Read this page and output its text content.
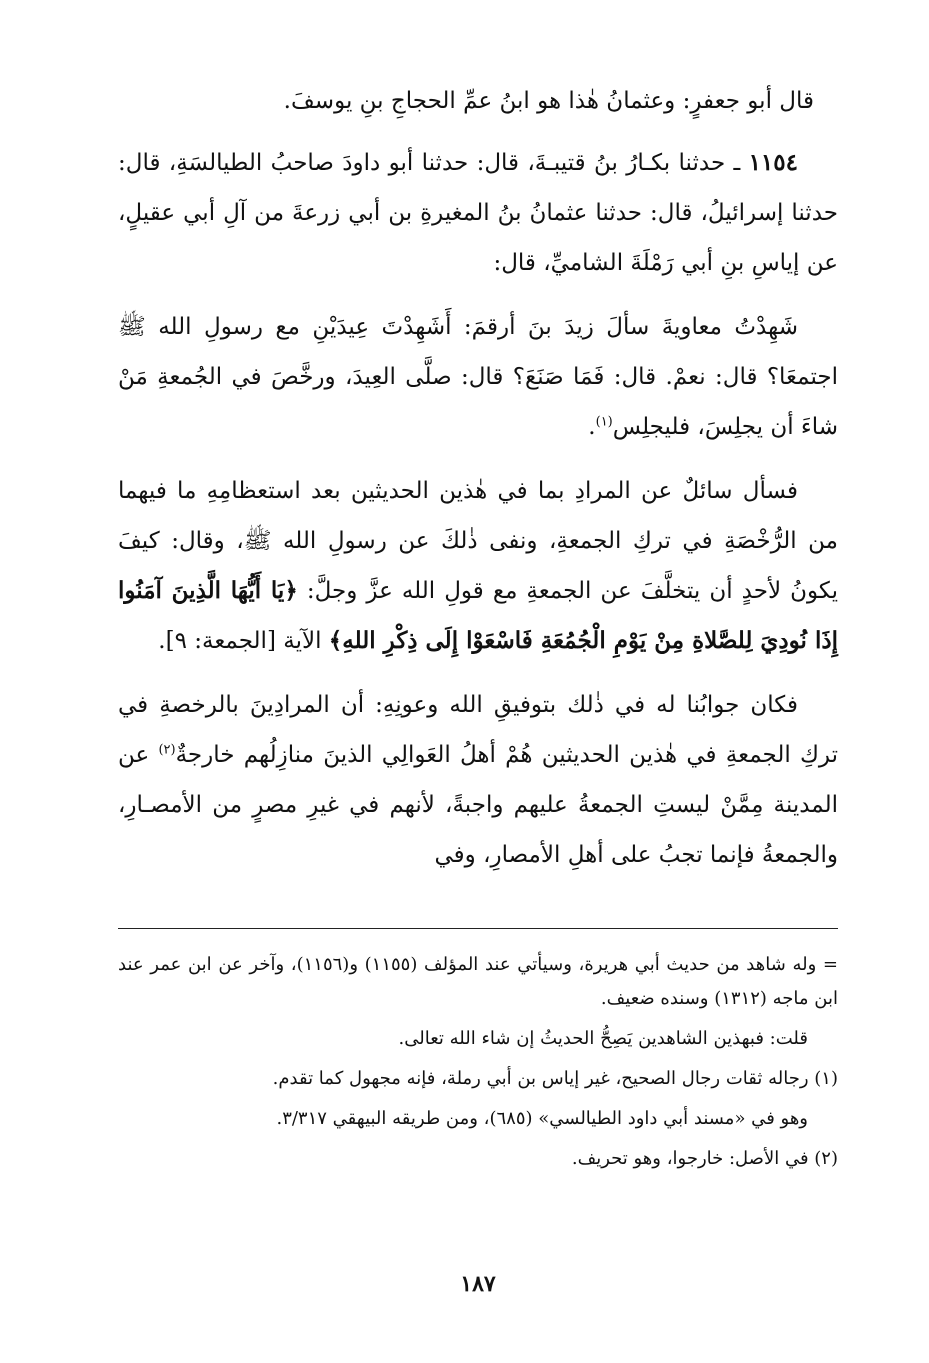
قال أبو جعفرٍ: وعثمانُ هٰذا هو ابنُ عمِّ الحجاجِ بنِ يوسفَ.

١١٥٤ ـ حدثنا بكـارُ بنُ قتيبـةَ، قال: حدثنا أبو داودَ صاحبُ الطيالسَةِ، قال: حدثنا إسرائيلُ، قال: حدثنا عثمانُ بنُ المغيرةِ بن أبي زرعةَ من آلِ أبي عقيلٍ، عن إياسِ بنِ أبي رَمْلَةَ الشاميِّ، قال:

شَهِدْتُ معاويةَ سألَ زيدَ بنَ أرقمَ: أَشَهِدْتَ عِيدَيْنِ مع رسولِ الله ﷺ اجتمعَا؟ قال: نعمْ. قال: فَمَا صَنَعَ؟ قال: صلَّى العِيدَ، ورخَّصَ في الجُمعةِ مَنْ شاءَ أن يجلِسَ، فليجلِس$^{(١)}$.

فسأل سائلٌ عن المرادِ بما في هٰذين الحديثين بعد استعظامِهِ ما فيهما من الرُّخْصَةِ في تركِ الجمعةِ، ونفى ذٰلكَ عن رسولِ الله ﷺ، وقال: كيفَ يكونُ لأحدٍ أن يتخلَّفَ عن الجمعةِ مع قولِ الله عزَّ وجلَّ: ﴿يَا أَيُّهَا الَّذِينَ آمَنُوا إِذَا نُودِيَ لِلصَّلاةِ مِنْ يَوْمِ الْجُمُعَةِ فَاسْعَوْا إِلَى ذِكْرِ اللهِ﴾ الآية [الجمعة: ٩].

فكان جوابُنا له في ذٰلك بتوفيقِ الله وعونِهِ: أن المرادِينَ بالرخصةِ في تركِ الجمعةِ في هٰذين الحديثين هُمْ أهلُ العَوالِي الذينَ منازِلُهم خارجةٌ$^{(٢)}$ عن المدينة مِمَّنْ ليستِ الجمعةُ عليهم واجبةً، لأنهم في غيرِ مصرٍ من الأمصـارِ، والجمعةُ فإنما تجبُ على أهلِ الأمصارِ، وفي

= وله شاهد من حديث أبي هريرة، وسيأتي عند المؤلف (١١٥٥) و(١١٥٦)، وآخر عن ابن عمر عند ابن ماجه (١٣١٢) وسنده ضعيف.

قلت: فبهذين الشاهدين يَصِحُّ الحديثُ إن شاء الله تعالى.

(١) رجاله ثقات رجال الصحيح، غير إياس بن أبي رملة، فإنه مجهول كما تقدم.

وهو في «مسند أبي داود الطيالسي» (٦٨٥)، ومن طريقه البيهقي ٣/٣١٧.

(٢) في الأصل: خارجوا، وهو تحريف.

١٨٧
